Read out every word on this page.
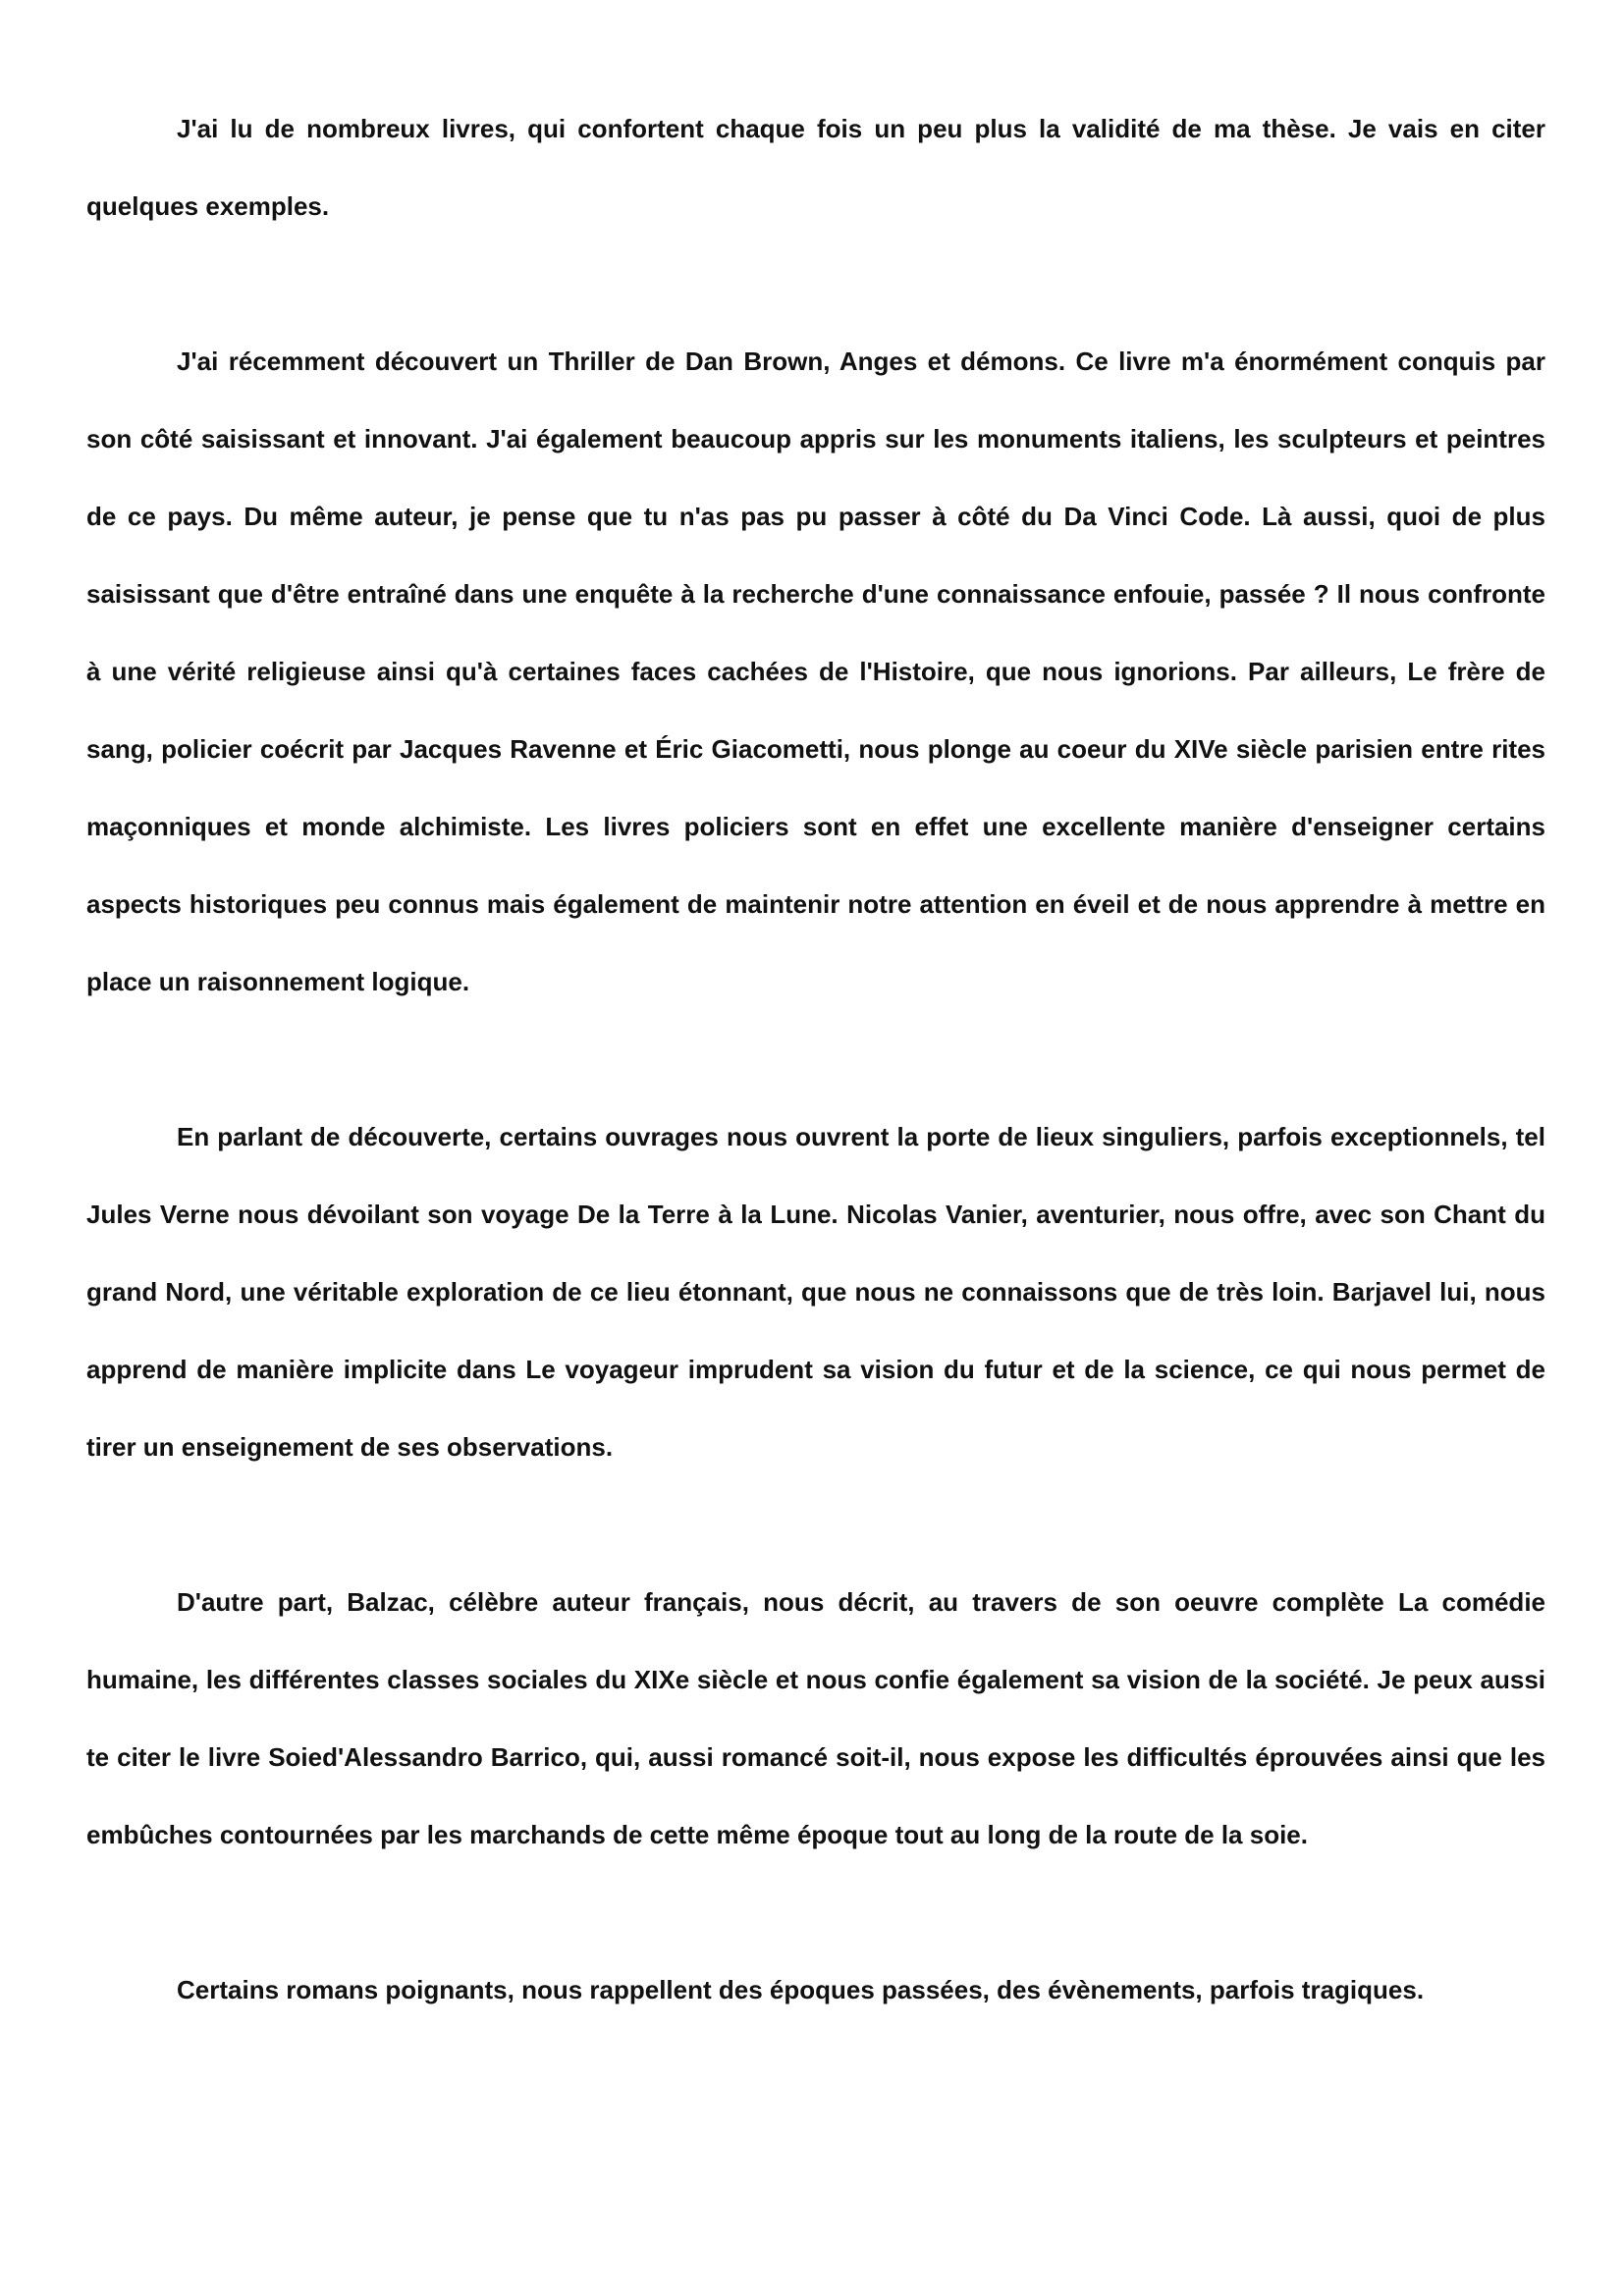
J'ai lu de nombreux livres, qui confortent chaque fois un peu plus la validité de ma thèse. Je vais en citer quelques exemples.

J'ai récemment découvert un Thriller de Dan Brown, Anges et démons. Ce livre m'a énormément conquis par son côté saisissant et innovant. J'ai également beaucoup appris sur les monuments italiens, les sculpteurs et peintres de ce pays. Du même auteur, je pense que tu n'as pas pu passer à côté du Da Vinci Code. Là aussi, quoi de plus saisissant que d'être entraîné dans une enquête à la recherche d'une connaissance enfouie, passée ? Il nous confronte à une vérité religieuse ainsi qu'à certaines faces cachées de l'Histoire, que nous ignorions. Par ailleurs, Le frère de sang, policier coécrit par Jacques Ravenne et Éric Giacometti, nous plonge au coeur du XIVe siècle parisien entre rites maçonniques et monde alchimiste. Les livres policiers sont en effet une excellente manière d'enseigner certains aspects historiques peu connus mais également de maintenir notre attention en éveil et de nous apprendre à mettre en place un raisonnement logique.

En parlant de découverte, certains ouvrages nous ouvrent la porte de lieux singuliers, parfois exceptionnels, tel Jules Verne nous dévoilant son voyage De la Terre à la Lune. Nicolas Vanier, aventurier, nous offre, avec son Chant du grand Nord, une véritable exploration de ce lieu étonnant, que nous ne connaissons que de très loin. Barjavel lui, nous apprend de manière implicite dans Le voyageur imprudent sa vision du futur et de la science, ce qui nous permet de tirer un enseignement de ses observations.

D'autre part, Balzac, célèbre auteur français, nous décrit, au travers de son oeuvre complète La comédie humaine, les différentes classes sociales du XIXe siècle et nous confie également sa vision de la société. Je peux aussi te citer le livre Soied'Alessandro Barrico, qui, aussi romancé soit-il, nous expose les difficultés éprouvées ainsi que les embûches contournées par les marchands de cette même époque tout au long de la route de la soie.

Certains romans poignants, nous rappellent des époques passées, des évènements, parfois tragiques.
